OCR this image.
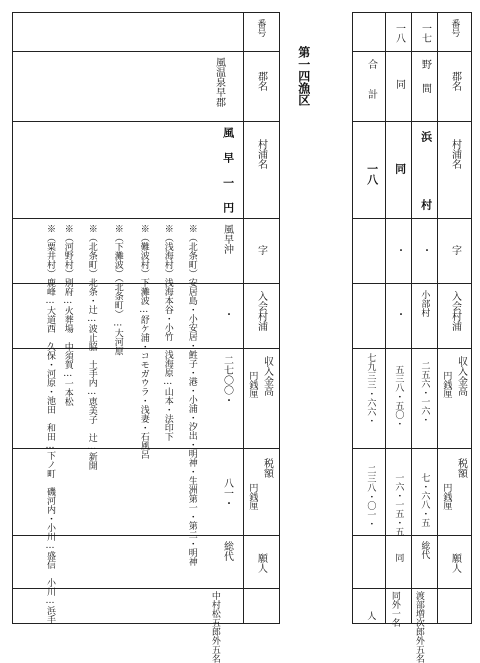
番号
郡名
村浦名
字
入会村浦
収入金高
円銭厘
税額
円銭厘
願人
風温泉早郡
風早一円
風早沖
・
二七〇〇・
八一・
総代
中村松五郎外五名
※（北条町）安居島・小安居・鮏子・港・小浦・汐出・明神・生洲第一・第二・明神
※（浅海村）浅海本谷・小竹　浅海原…山本・法印下
※（難波村）下灘波…舒ケ浦・コモガウラ・浅妻・石風呂
※（下灘波）（北条町）…大河原
※（北条町）北条・辻…波止脇　土手内…恵美子　辻…新開
※（河野村）別府…火葬場　中須賀…一本松
※（粟井村）鹿峰…大道西　久保・河原・池田　和田…下ノ町　磯河内・小川…盛信　小川…浜手
第一四漁区
番号
郡名
村浦名
字
入会村浦
収入金高
円銭厘
税額
円銭厘
願人
一七
野間
浜
村
・
小部村
二五六・一六・
七・六八・五
総代
渡部増次郎外五名
一八
同
同
・
・
五三八・五〇・
一六・一五・五
同
同外一名
合計
一八
七九三三・六六・
二三八・〇一・
人
